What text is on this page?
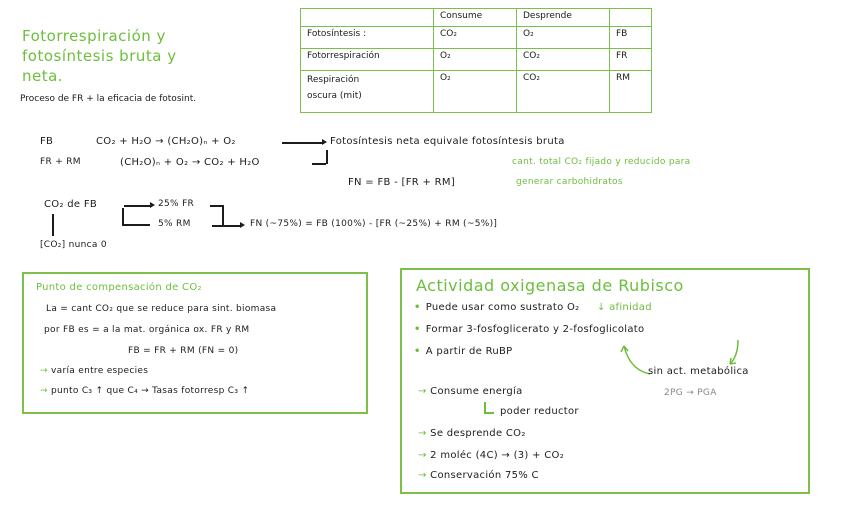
Fotorrespiración y
fotosíntesis bruta y
neta.
Proceso de FR + la eficacia de fotosint.
	Consume	Desprende	
Fotosíntesis :	CO₂	O₂	FB
Fotorrespiración	O₂	CO₂	FR

Respiración
oscura (mit)	O₂	CO₂	RM
FB	CO₂ + H₂O → (CH₂O)ₙ + O₂	Fotosíntesis neta equivale fotosíntesis bruta
FR + RM	(CH₂O)ₙ + O₂ → CO₂ + H₂O	cant. total CO₂ fijado y reducido para
generar carbohidratos
FN = FB - [FR + RM]
CO₂ de FB	25% FR
5% RM	FN (~75%) = FB (100%) - [FR (~25%) + RM (~5%)]
[CO₂] nunca 0
Punto de compensación de CO₂
La = cant CO₂ que se reduce para sint. biomasa
por FB es = a la mat. orgánica ox. FR y RM
FB = FR + RM (FN = 0)
→ varía entre especies
→ punto C₃ ↑ que C₄ → Tasas fotorresp C₃ ↑
Actividad oxigenasa de Rubisco
• Puede usar como sustrato O₂ ↓ afinidad
• Formar 3-fosfoglicerato y 2-fosfoglicolato
• A partir de RuBP
sin act. metabólica
2PG → PGA
→ Consume energía
poder reductor
→ Se desprende CO₂
→ 2 moléc (4C) → (3) + CO₂
→ Conservación 75% C
